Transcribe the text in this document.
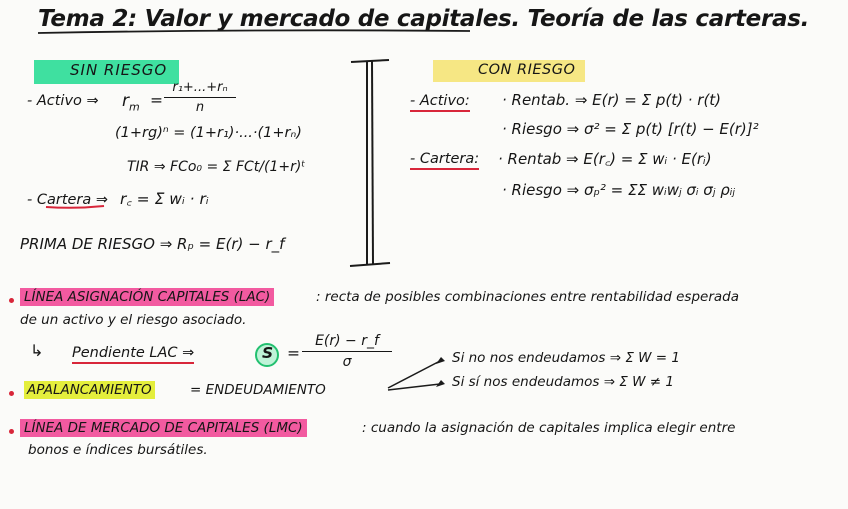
Tema 2: Valor y mercado de capitales. Teoría de las carteras.
SIN RIESGO
- Activo ⇒ $r_m = \frac{\text{r₁+...+rₙ}}{n}$
(1+rg)ⁿ = (1+r₁)·...·(1+rₙ)
TIR ⇒ FCo₀ = Σ FCt/(1+r)ᵗ
- Cartera ⇒ r꜀ = Σ wᵢ · rᵢ
PRIMA DE RIESGO ⇒ Rₚ = E(r) − r_f
CON RIESGO
- Activo: · Rentab. ⇒ E(r) = Σ p(t) · r(t)
· Riesgo ⇒ σ² = Σ p(t) [r(t) − E(r)]²
- Cartera: · Rentab ⇒ E(r꜀) = Σ wᵢ · E(rᵢ)
· Riesgo ⇒ σₚ² = ΣΣ wᵢwⱼ σᵢ σⱼ ρᵢⱼ
LÍNEA ASIGNACIÓN CAPITALES (LAC)	: recta de posibles combinaciones entre rentabilidad esperada
de un activo y el riesgo asociado.
↳ Pendiente LAC ⇒	$S = \frac{E(r) - r\_f}{\sigma}$
APALANCAMIENTO	= ENDEUDAMIENTO
Si no nos endeudamos ⇒ Σ W = 1
Si sí nos endeudamos ⇒ Σ W ≠ 1
LÍNEA DE MERCADO DE CAPITALES (LMC)	: cuando la asignación de capitales implica elegir entre
bonos e índices bursátiles.
